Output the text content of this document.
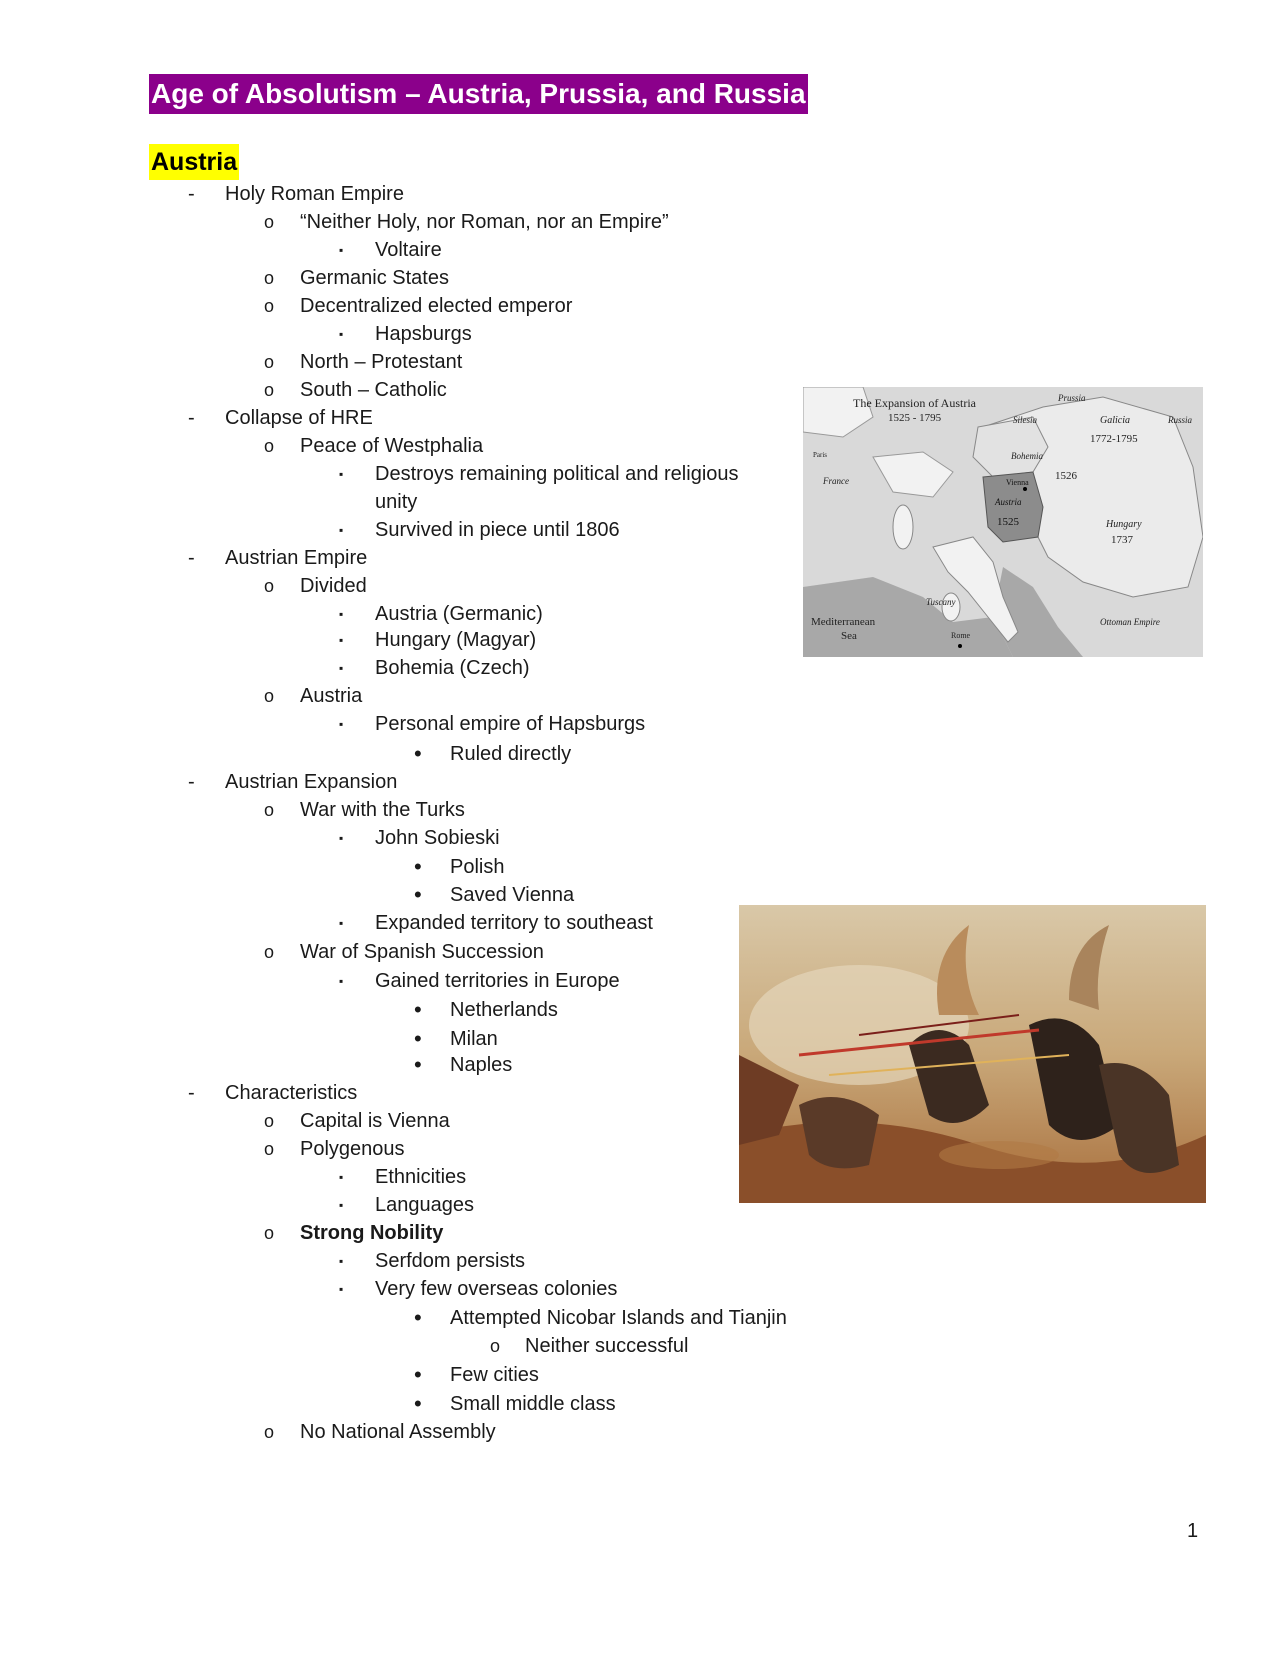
Age of Absolutism – Austria, Prussia, and Russia
Austria
- Holy Roman Empire
o “Neither Holy, nor Roman, nor an Empire”
▪ Voltaire
o Germanic States
o Decentralized elected emperor
▪ Hapsburgs
o North – Protestant
o South – Catholic
- Collapse of HRE
o Peace of Westphalia
▪ Destroys remaining political and religious
unity
▪ Survived in piece until 1806
- Austrian Empire
o Divided
▪ Austria (Germanic)
▪ Hungary (Magyar)
▪ Bohemia (Czech)
o Austria
▪ Personal empire of Hapsburgs
• Ruled directly
- Austrian Expansion
o War with the Turks
▪ John Sobieski
• Polish
• Saved Vienna
▪ Expanded territory to southeast
o War of Spanish Succession
▪ Gained territories in Europe
• Netherlands
• Milan
• Naples
- Characteristics
o Capital is Vienna
o Polygenous
▪ Ethnicities
▪ Languages
o Strong Nobility
▪ Serfdom persists
▪ Very few overseas colonies
• Attempted Nicobar Islands and Tianjin
o Neither successful
• Few cities
• Small middle class
o No National Assembly
The Expansion of Austria
1525 - 1795
Prussia
Silesia	Galicia	Russia
1772-1795
Bohemia
Paris
France	Vienna
1526
Austria
1525	Hungary
1737
Tuscany
Mediterranean
Sea	Rome
Ottoman Empire
1
